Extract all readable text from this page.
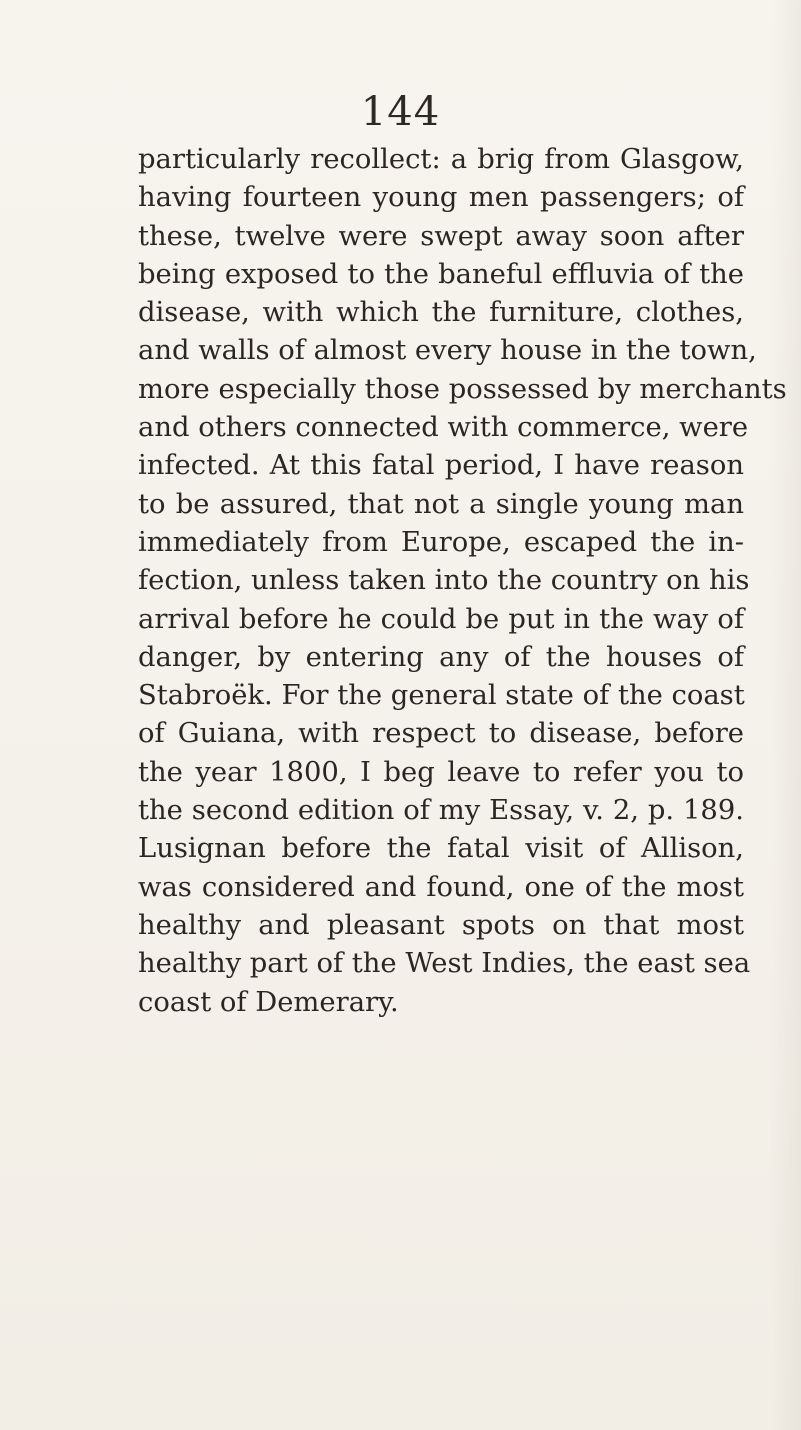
144
particularly recollect: a brig from Glasgow,
having fourteen young men passengers; of
these, twelve were swept away soon after
being exposed to the baneful effluvia of the
disease, with which the furniture, clothes,
and walls of almost every house in the town,
more especially those possessed by merchants
and others connected with commerce, were
infected. At this fatal period, I have reason
to be assured, that not a single young man
immediately from Europe, escaped the in-
fection, unless taken into the country on his
arrival before he could be put in the way of
danger, by entering any of the houses of
Stabroëk. For the general state of the coast
of Guiana, with respect to disease, before
the year 1800, I beg leave to refer you to
the second edition of my Essay, v. 2, p. 189.
Lusignan before the fatal visit of Allison,
was considered and found, one of the most
healthy and pleasant spots on that most
healthy part of the West Indies, the east sea
coast of Demerary.
